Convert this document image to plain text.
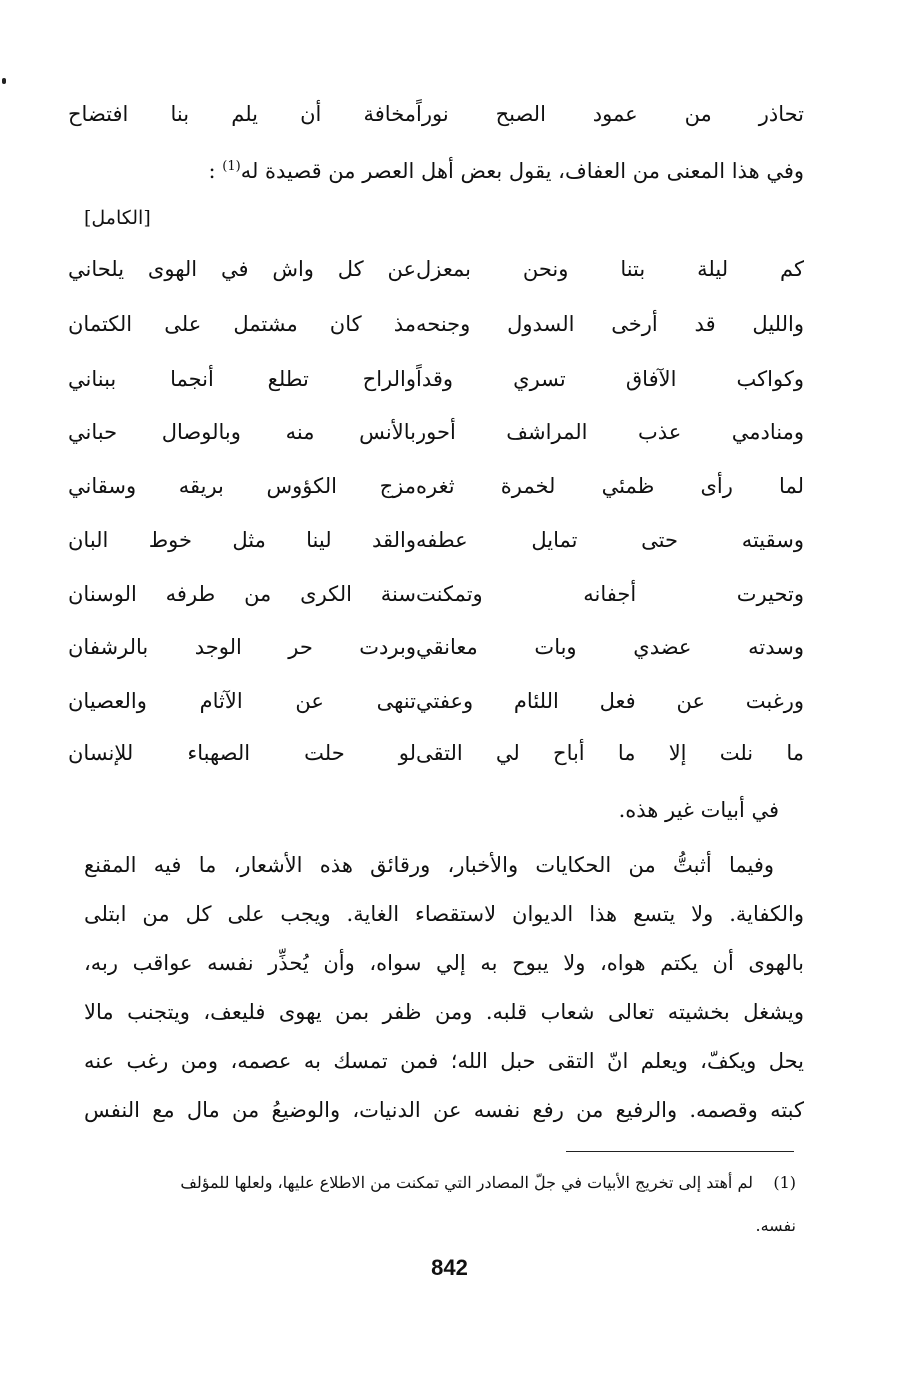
تحاذر من عمود الصبح نوراً
مخافة أن يلم بنا افتضاح
وفي هذا المعنى من العفاف، يقول بعض أهل العصر من قصيدة له$^{(1)}$ :
[الكامل]
كم ليلة بتنا ونحن بمعزل
عن كل واش في الهوى يلحاني
والليل قد أرخى السدول وجنحه
مذ كان مشتمل على الكتمان
وكواكب الآفاق تسري وقداً
والراح تطلع أنجما ببناني
ومنادمي عذب المراشف أحور
بالأنس منه وبالوصال حباني
لما رأى ظمئي لخمرة ثغره
مزج الكؤوس بريقه وسقاني
وسقيته حتى تمايل عطفه
والقد لينا مثل خوط البان
وتحيرت أجفانه وتمكنت
سنة الكرى من طرفه الوسنان
وسدته عضدي وبات معانقي
وبردت حر الوجد بالرشفان
ورغبت عن فعل اللئام وعفتي
تنهى عن الآثام والعصيان
ما نلت إلا ما أباح لي التقى
لو حلت الصهباء للإنسان
في أبيات غير هذه.
وفيما أثبتُّ من الحكايات والأخبار، ورقائق هذه الأشعار، ما فيه المقنع
والكفاية. ولا يتسع هذا الديوان لاستقصاء الغاية. ويجب على كل من ابتلى
بالهوى أن يكتم هواه، ولا يبوح به إلي سواه، وأن يُحذِّر نفسه عواقب ربه،
ويشغل بخشيته تعالى شعاب قلبه. ومن ظفر بمن يهوى فليعف، ويتجنب مالا
يحل ويكفّ، ويعلم انّ التقى حبل الله؛ فمن تمسك به عصمه، ومن رغب عنه
كبته وقصمه. والرفيع من رفع نفسه عن الدنيات، والوضيعُ من مال مع النفس
(1)    لم أهتد إلى تخريج الأبيات في جلّ المصادر التي تمكنت من الاطلاع عليها، ولعلها للمؤلف
نفسه.
842
